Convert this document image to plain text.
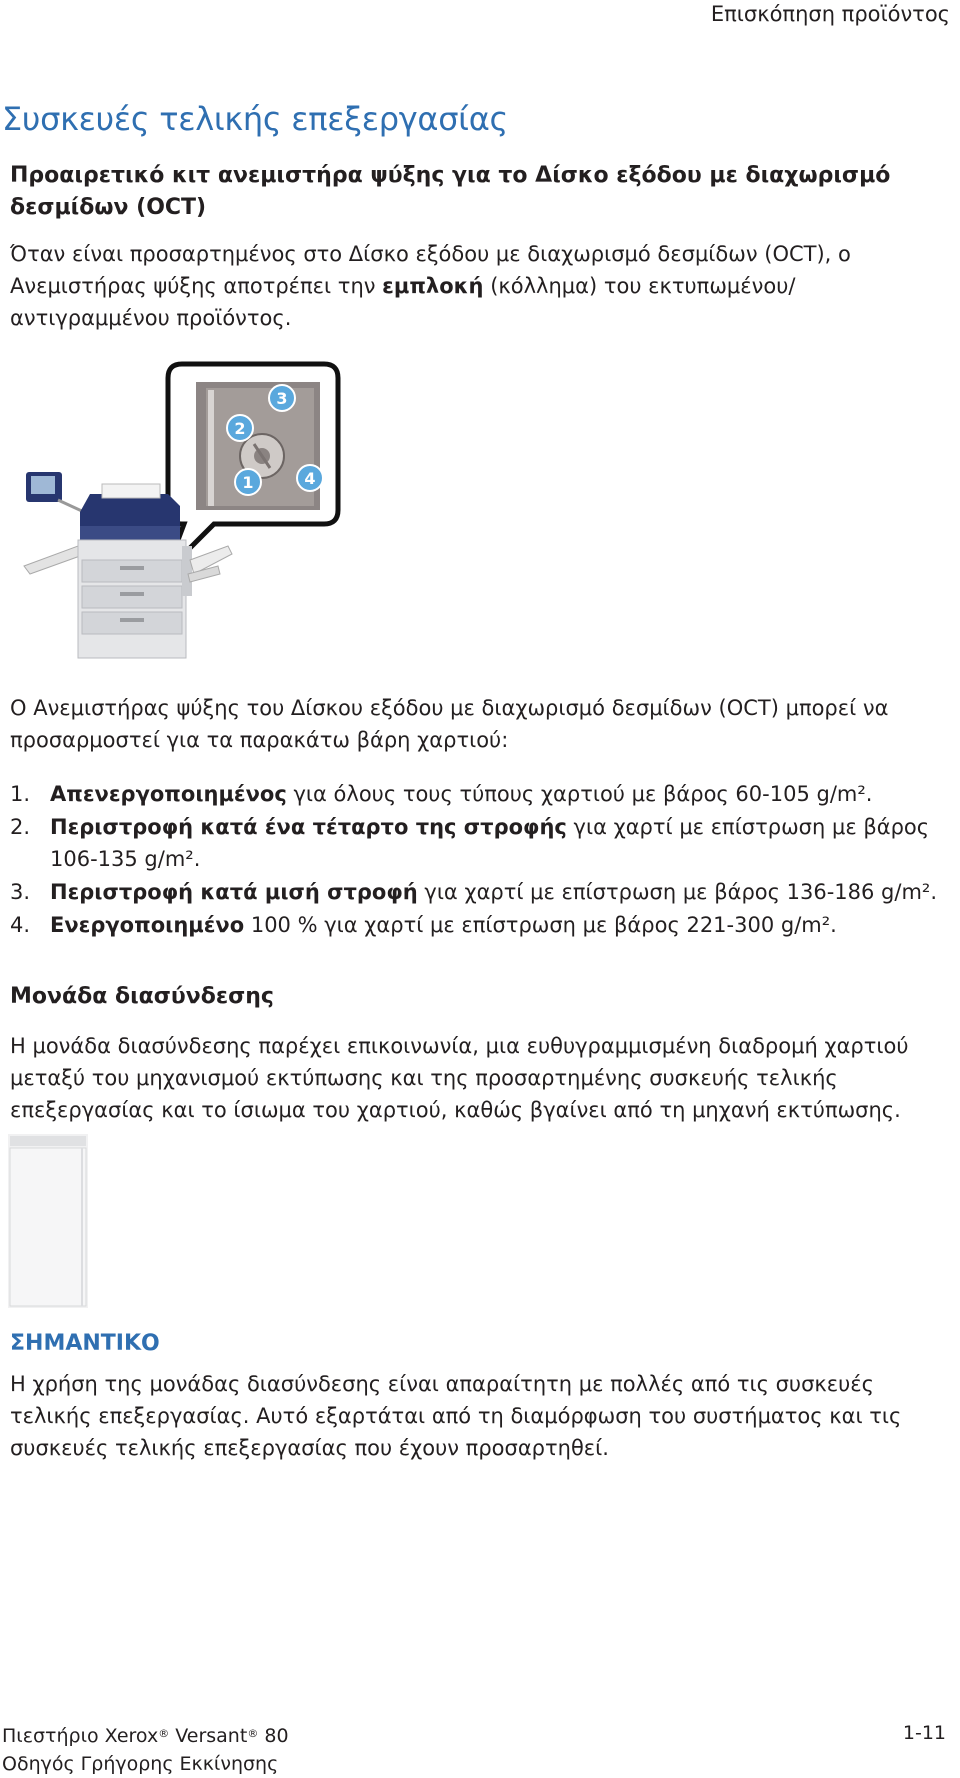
Επισκόπηση προϊόντος
Συσκευές τελικής επεξεργασίας
Προαιρετικό κιτ ανεμιστήρα ψύξης για το Δίσκο εξόδου με διαχωρισμό δεσμίδων (OCT)
Όταν είναι προσαρτημένος στο Δίσκο εξόδου με διαχωρισμό δεσμίδων (OCT), ο Ανεμιστήρας ψύξης αποτρέπει την εμπλοκή (κόλλημα) του εκτυπωμένου/αντιγραμμένου προϊόντος.
3
2
1	4
Ο Ανεμιστήρας ψύξης του Δίσκου εξόδου με διαχωρισμό δεσμίδων (OCT) μπορεί να προσαρμοστεί για τα παρακάτω βάρη χαρτιού:
1. Απενεργοποιημένος για όλους τους τύπους χαρτιού με βάρος 60-105 g/m².
2. Περιστροφή κατά ένα τέταρτο της στροφής για χαρτί με επίστρωση με βάρος 106-135 g/m².
3. Περιστροφή κατά μισή στροφή για χαρτί με επίστρωση με βάρος 136-186 g/m².
4. Ενεργοποιημένο 100 % για χαρτί με επίστρωση με βάρος 221-300 g/m².
Μονάδα διασύνδεσης
Η μονάδα διασύνδεσης παρέχει επικοινωνία, μια ευθυγραμμισμένη διαδρομή χαρτιού μεταξύ του μηχανισμού εκτύπωσης και της προσαρτημένης συσκευής τελικής επεξεργασίας και το ίσιωμα του χαρτιού, καθώς βγαίνει από τη μηχανή εκτύπωσης.
ΣΗΜΑΝΤΙΚΟ
Η χρήση της μονάδας διασύνδεσης είναι απαραίτητη με πολλές από τις συσκευές τελικής επεξεργασίας. Αυτό εξαρτάται από τη διαμόρφωση του συστήματος και τις συσκευές τελικής επεξεργασίας που έχουν προσαρτηθεί.
Πιεστήριο Xerox® Versant® 80
Οδηγός Γρήγορης Εκκίνησης
1-11
